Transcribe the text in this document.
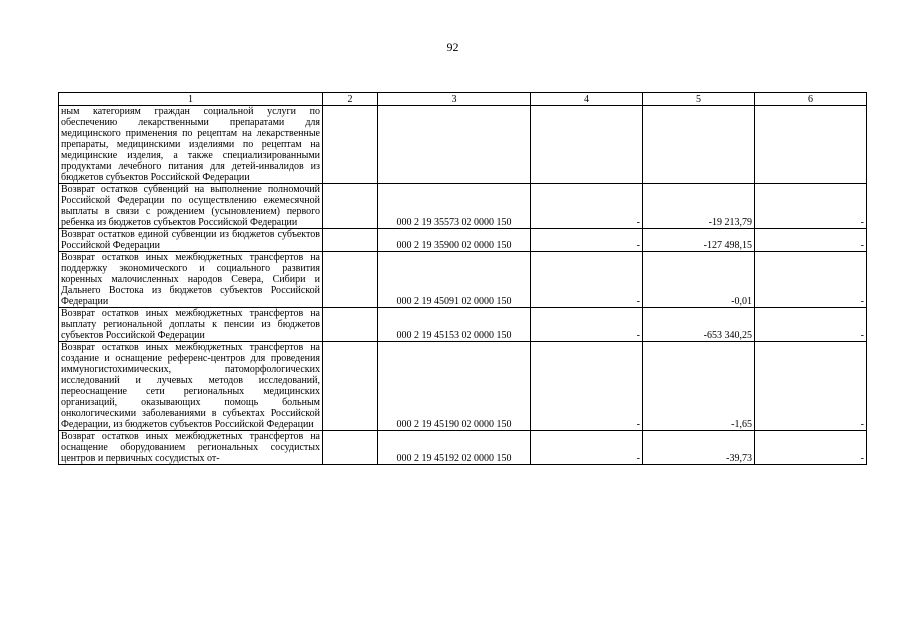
92
1	2	3	4	5	6
ным категориям граждан социальной услуги по обеспечению лекарственными препаратами для медицинского применения по рецептам на лекарственные препараты, медицинскими изделиями по рецептам на медицинские изделия, а также специализированными продуктами лечебного питания для детей-инвалидов из бюджетов субъектов Российской Федерации					
Возврат остатков субвенций на выполнение полномочий Российской Федерации по осуществлению ежемесячной выплаты в связи с рождением (усыновлением) первого ребенка из бюджетов субъектов Российской Федерации		000 2 19 35573 02 0000 150	-	-19 213,79	-
Возврат остатков единой субвенции из бюджетов субъектов Российской Федерации		000 2 19 35900 02 0000 150	-	-127 498,15	-
Возврат остатков иных межбюджетных трансфертов на поддержку экономического и социального развития коренных малочисленных народов Севера, Сибири и Дальнего Востока из бюджетов субъектов Российской Федерации		000 2 19 45091 02 0000 150	-	-0,01	-
Возврат остатков иных межбюджетных трансфертов на выплату региональной доплаты к пенсии из бюджетов субъектов Российской Федерации		000 2 19 45153 02 0000 150	-	-653 340,25	-
Возврат остатков иных межбюджетных трансфертов на создание и оснащение референс-центров для проведения иммуногистохимических, патоморфологических исследований и лучевых методов исследований, переоснащение сети региональных медицинских организаций, оказывающих помощь больным онкологическими заболеваниями в субъектах Российской Федерации, из бюджетов субъектов Российской Федерации		000 2 19 45190 02 0000 150	-	-1,65	-
Возврат остатков иных межбюджетных трансфертов на оснащение оборудованием региональных сосудистых центров и первичных сосудистых от-		000 2 19 45192 02 0000 150	-	-39,73	-
